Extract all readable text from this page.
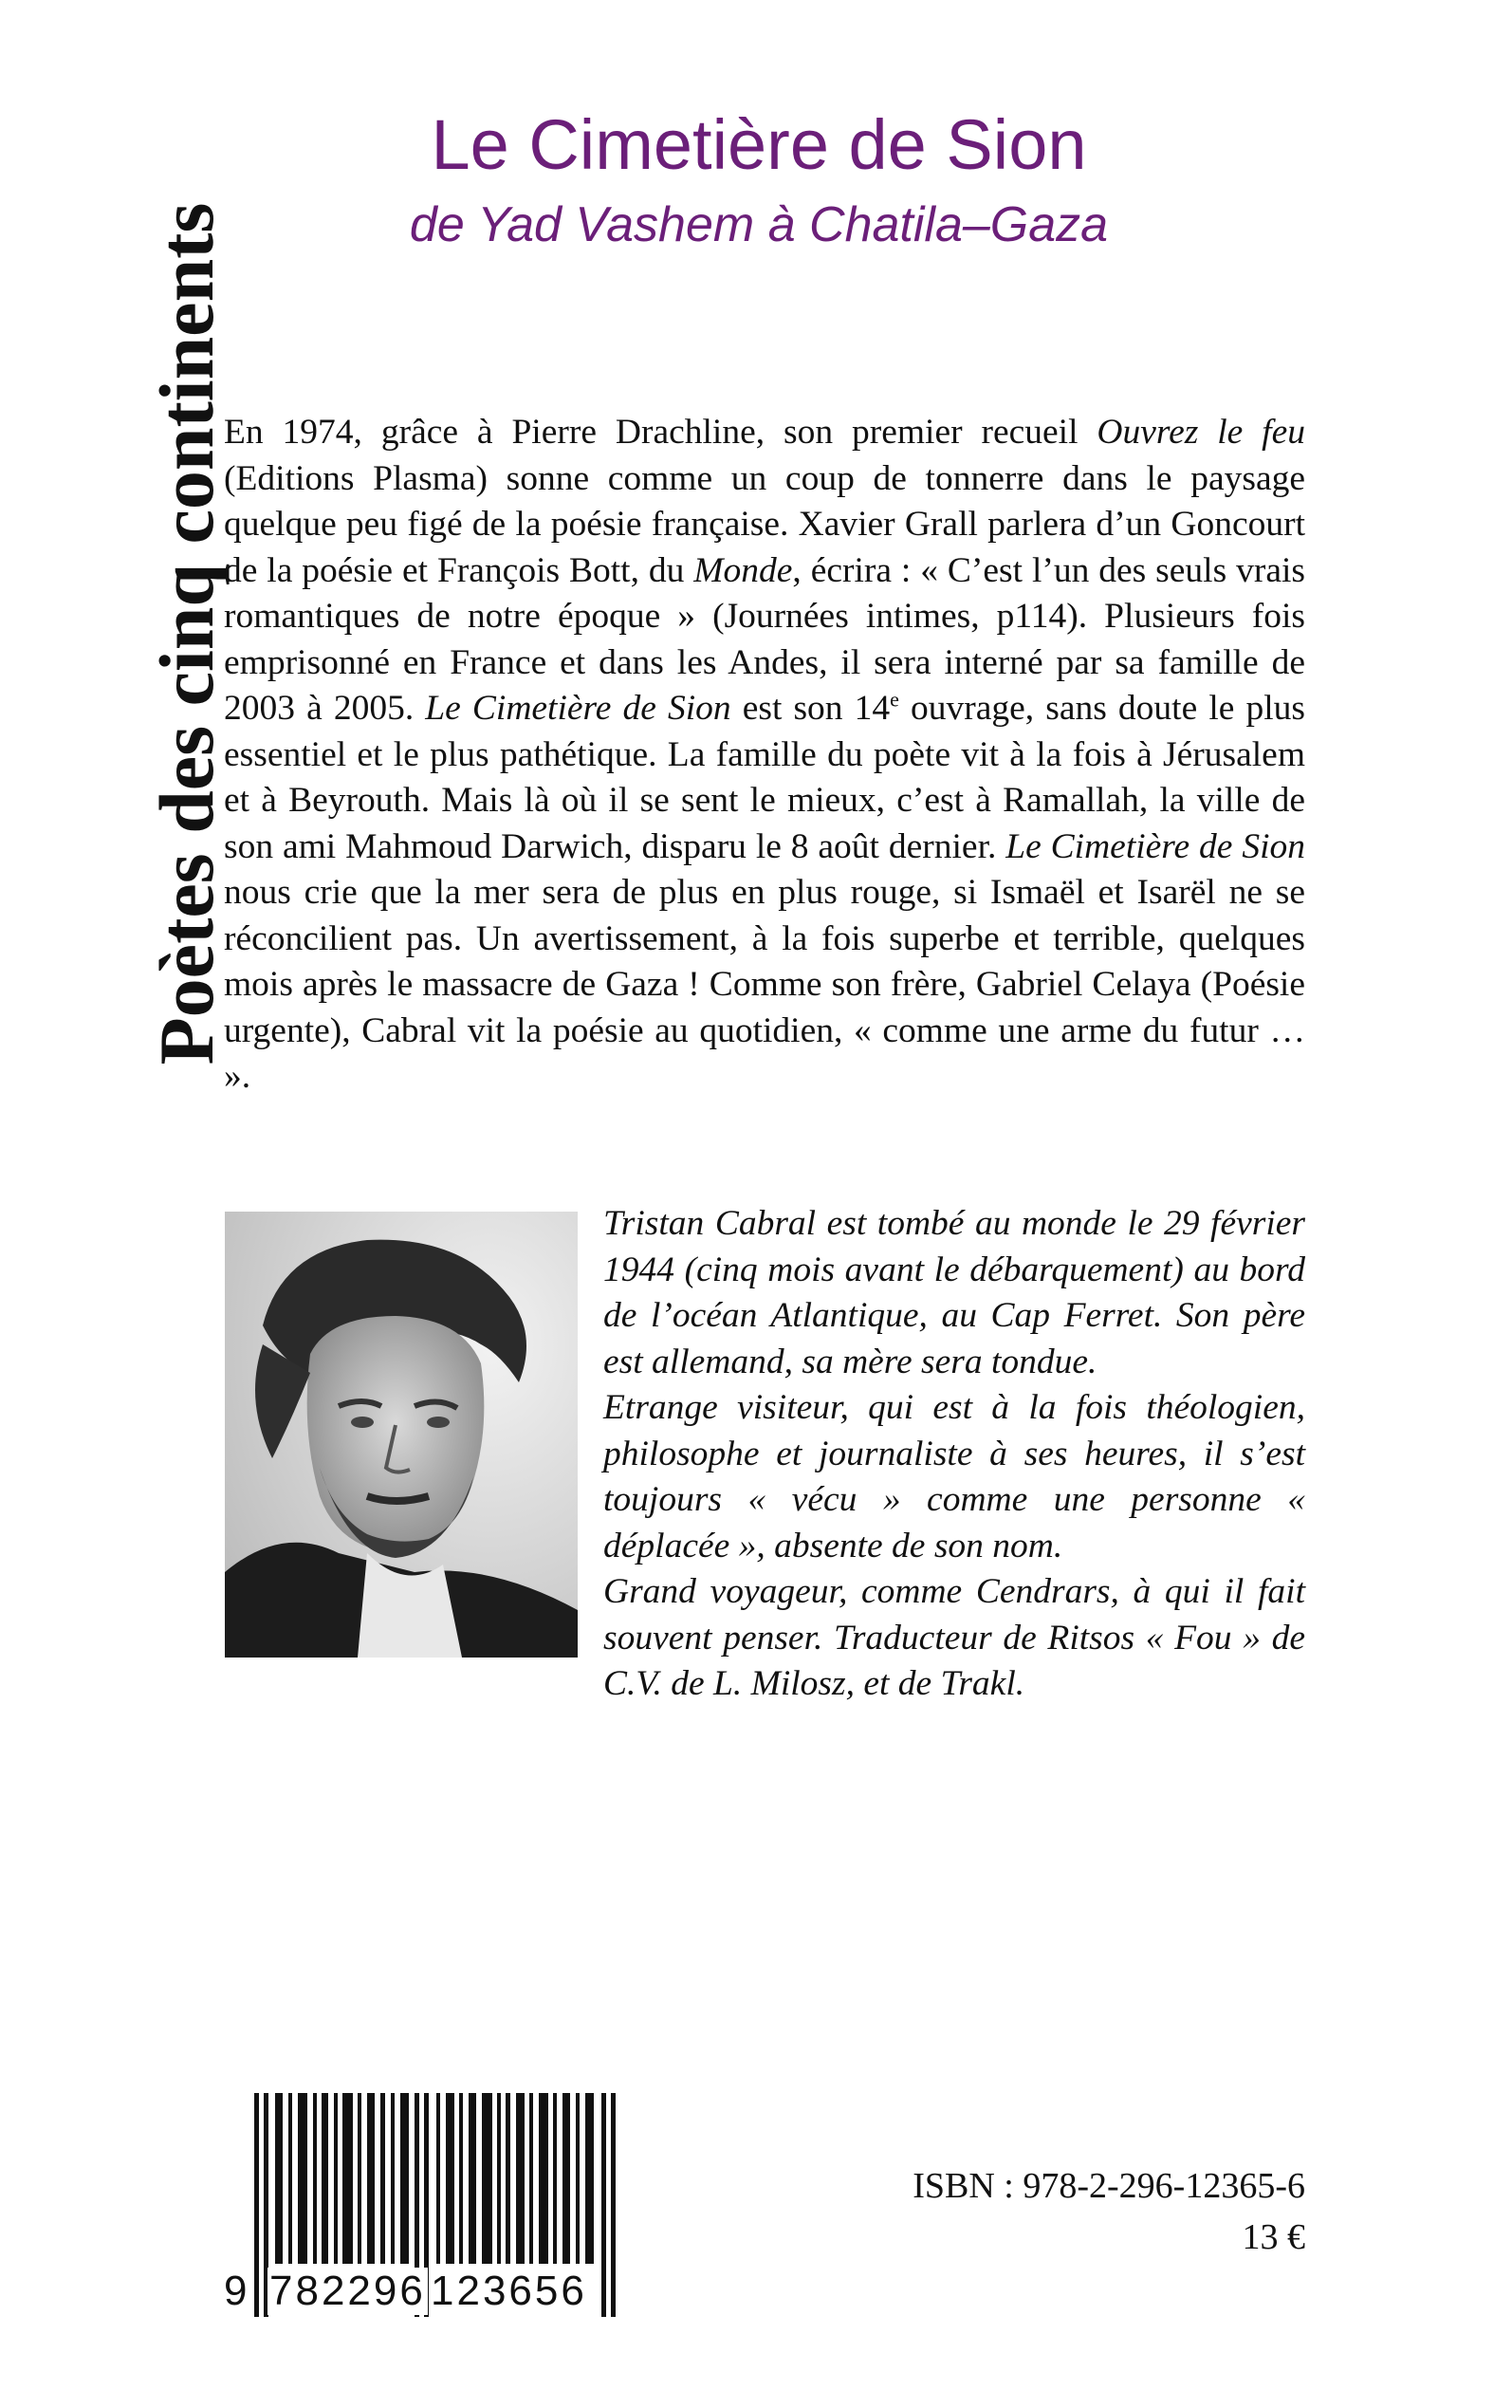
Poètes des cinq continents
Le Cimetière de Sion
de Yad Vashem à Chatila–Gaza
En 1974, grâce à Pierre Drachline, son premier recueil Ouvrez le feu (Editions Plasma) sonne comme un coup de tonnerre dans le paysage quelque peu figé de la poésie française. Xavier Grall parlera d’un Goncourt de la poésie et François Bott, du Monde, écrira : « C’est l’un des seuls vrais romantiques de notre époque » (Journées intimes, p114). Plusieurs fois emprisonné en France et dans les Andes, il sera interné par sa famille de 2003 à 2005. Le Cimetière de Sion est son 14e ouvrage, sans doute le plus essentiel et le plus pathétique. La famille du poète vit à la fois à Jérusalem et à Beyrouth. Mais là où il se sent le mieux, c’est à Ramallah, la ville de son ami Mahmoud Darwich, disparu le 8 août dernier. Le Cimetière de Sion nous crie que la mer sera de plus en plus rouge, si Ismaël et Isarël ne se réconcilient pas. Un avertissement, à la fois superbe et terrible, quelques mois après le massacre de Gaza ! Comme son frère, Gabriel Celaya (Poésie urgente), Cabral vit la poésie au quotidien, « comme une arme du futur … ».

Tristan Cabral est tombé au monde le 29 février 1944 (cinq mois avant le débarquement) au bord de l’océan Atlantique, au Cap Ferret. Son père est allemand, sa mère sera tondue.

Etrange visiteur, qui est à la fois théologien, philosophe et journaliste à ses heures, il s’est toujours « vécu » comme une personne « déplacée », absente de son nom.

Grand voyageur, comme Cendrars, à qui il fait souvent penser. Traducteur de Ritsos « Fou » de C.V. de L. Milosz, et de Trakl.

9 782296 123656
ISBN : 978-2-296-12365-6
13 €
